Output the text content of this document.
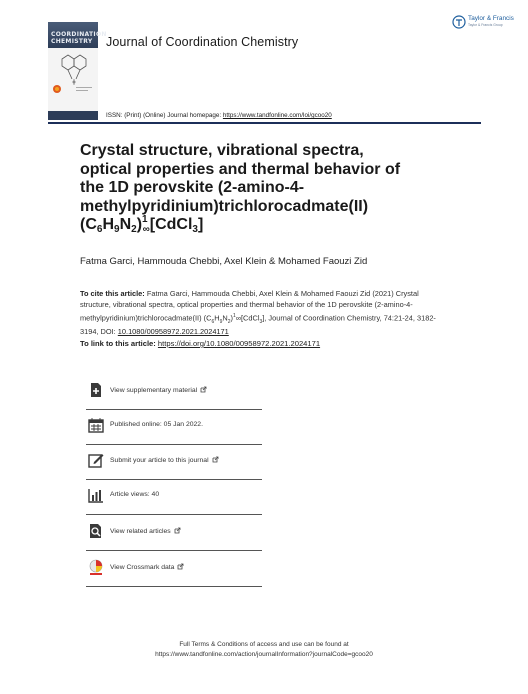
COORDINATION
CHEMISTRY Journal of Coordination Chemistry
Taylor & Francis
Taylor & Francis Group
ISSN: (Print) (Online) Journal homepage: https://www.tandfonline.com/loi/gcoo20
Crystal structure, vibrational spectra, optical properties and thermal behavior of the 1D perovskite (2-amino-4-methylpyridinium)trichlorocadmate(II)
$(C_6H_9N_2)^1\infty[CdCl_3]$
Fatma Garci, Hammouda Chebbi, Axel Klein & Mohamed Faouzi Zid
To cite this article: Fatma Garci, Hammouda Chebbi, Axel Klein & Mohamed Faouzi Zid (2021) Crystal structure, vibrational spectra, optical properties and thermal behavior of the 1D perovskite (2-amino-4-methylpyridinium)trichlorocadmate(II) $(C_6H_9N_2)^1\infty[CdCl_3]$, Journal of Coordination Chemistry, 74:21-24, 3182-3194, DOI: 10.1080/00958972.2021.2024171
To link to this article: https://doi.org/10.1080/00958972.2021.2024171
View supplementary material
Published online: 05 Jan 2022.
Submit your article to this journal
Article views: 40
View related articles
View Crossmark data
Full Terms & Conditions of access and use can be found at
https://www.tandfonline.com/action/journalInformation?journalCode=gcoo20
